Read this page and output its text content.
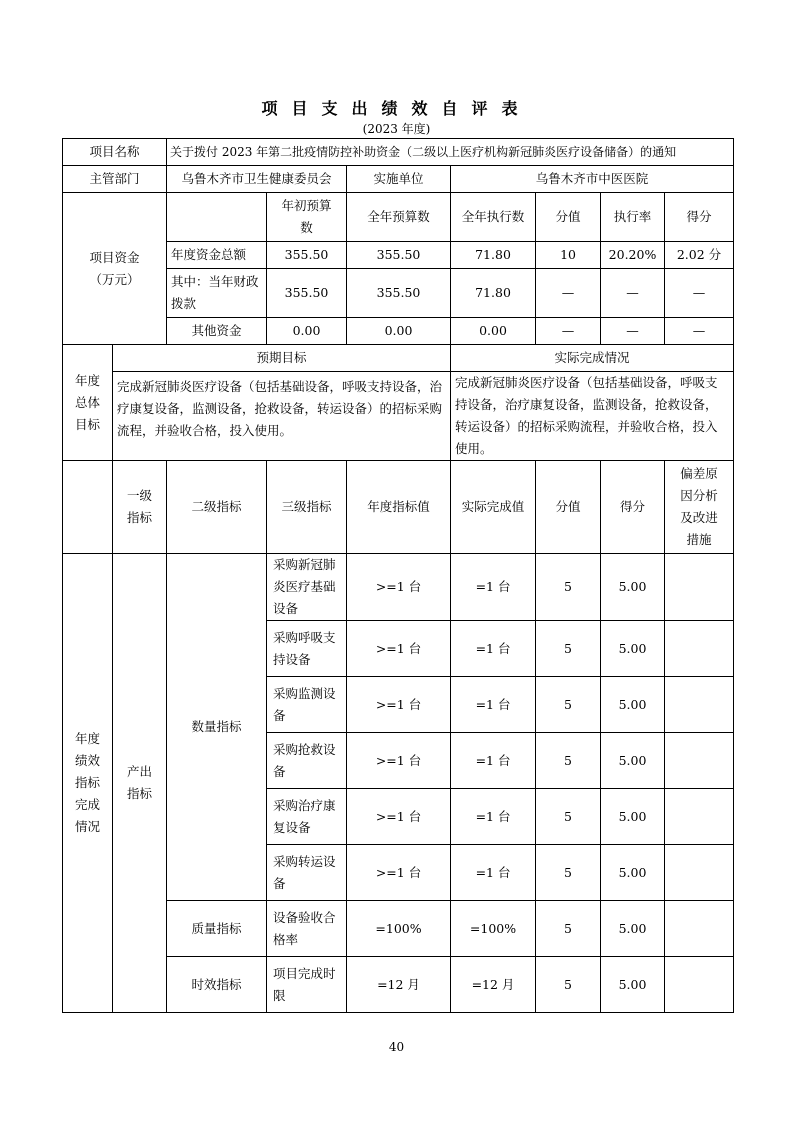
项目支出绩效自评表
(2023 年度)
项目名称		关于拨付 2023 年第二批疫情防控补助资金（二级以上医疗机构新冠肺炎医疗设备储备）的通知						
主管部门		乌鲁木齐市卫生健康委员会		实施单位	乌鲁木齐市中医医院			
项目资金（万元）			年初预算数	全年预算数	全年执行数	分值	执行率	得分
		年度资金总额	355.50	355.50	71.80	10	20.20%	2.02 分
		其中：当年财政拨款	355.50	355.50	71.80	—	—	—
		其他资金	0.00	0.00	0.00	—	—	—
年度总体目标	预期目标				实际完成情况			
	完成新冠肺炎医疗设备（包括基础设备，呼吸支持设备，治疗康复设备，监测设备，抢救设备，转运设备）的招标采购流程，并验收合格，投入使用。				完成新冠肺炎医疗设备（包括基础设备，呼吸支持设备，治疗康复设备，监测设备，抢救设备，转运设备）的招标采购流程，并验收合格，投入使用。			
	一级指标	二级指标	三级指标	年度指标值	实际完成值	分值	得分	偏差原因分析及改进措施
年度绩效指标完成情况	产出指标	数量指标	采购新冠肺炎医疗基础设备	>=1 台	=1 台	5	5.00	
			采购呼吸支持设备	>=1 台	=1 台	5	5.00	
			采购监测设备	>=1 台	=1 台	5	5.00	
			采购抢救设备	>=1 台	=1 台	5	5.00	
			采购治疗康复设备	>=1 台	=1 台	5	5.00	
			采购转运设备	>=1 台	=1 台	5	5.00	
		质量指标	设备验收合格率	=100%	=100%	5	5.00	
		时效指标	项目完成时限	=12 月	=12 月	5	5.00	
40
